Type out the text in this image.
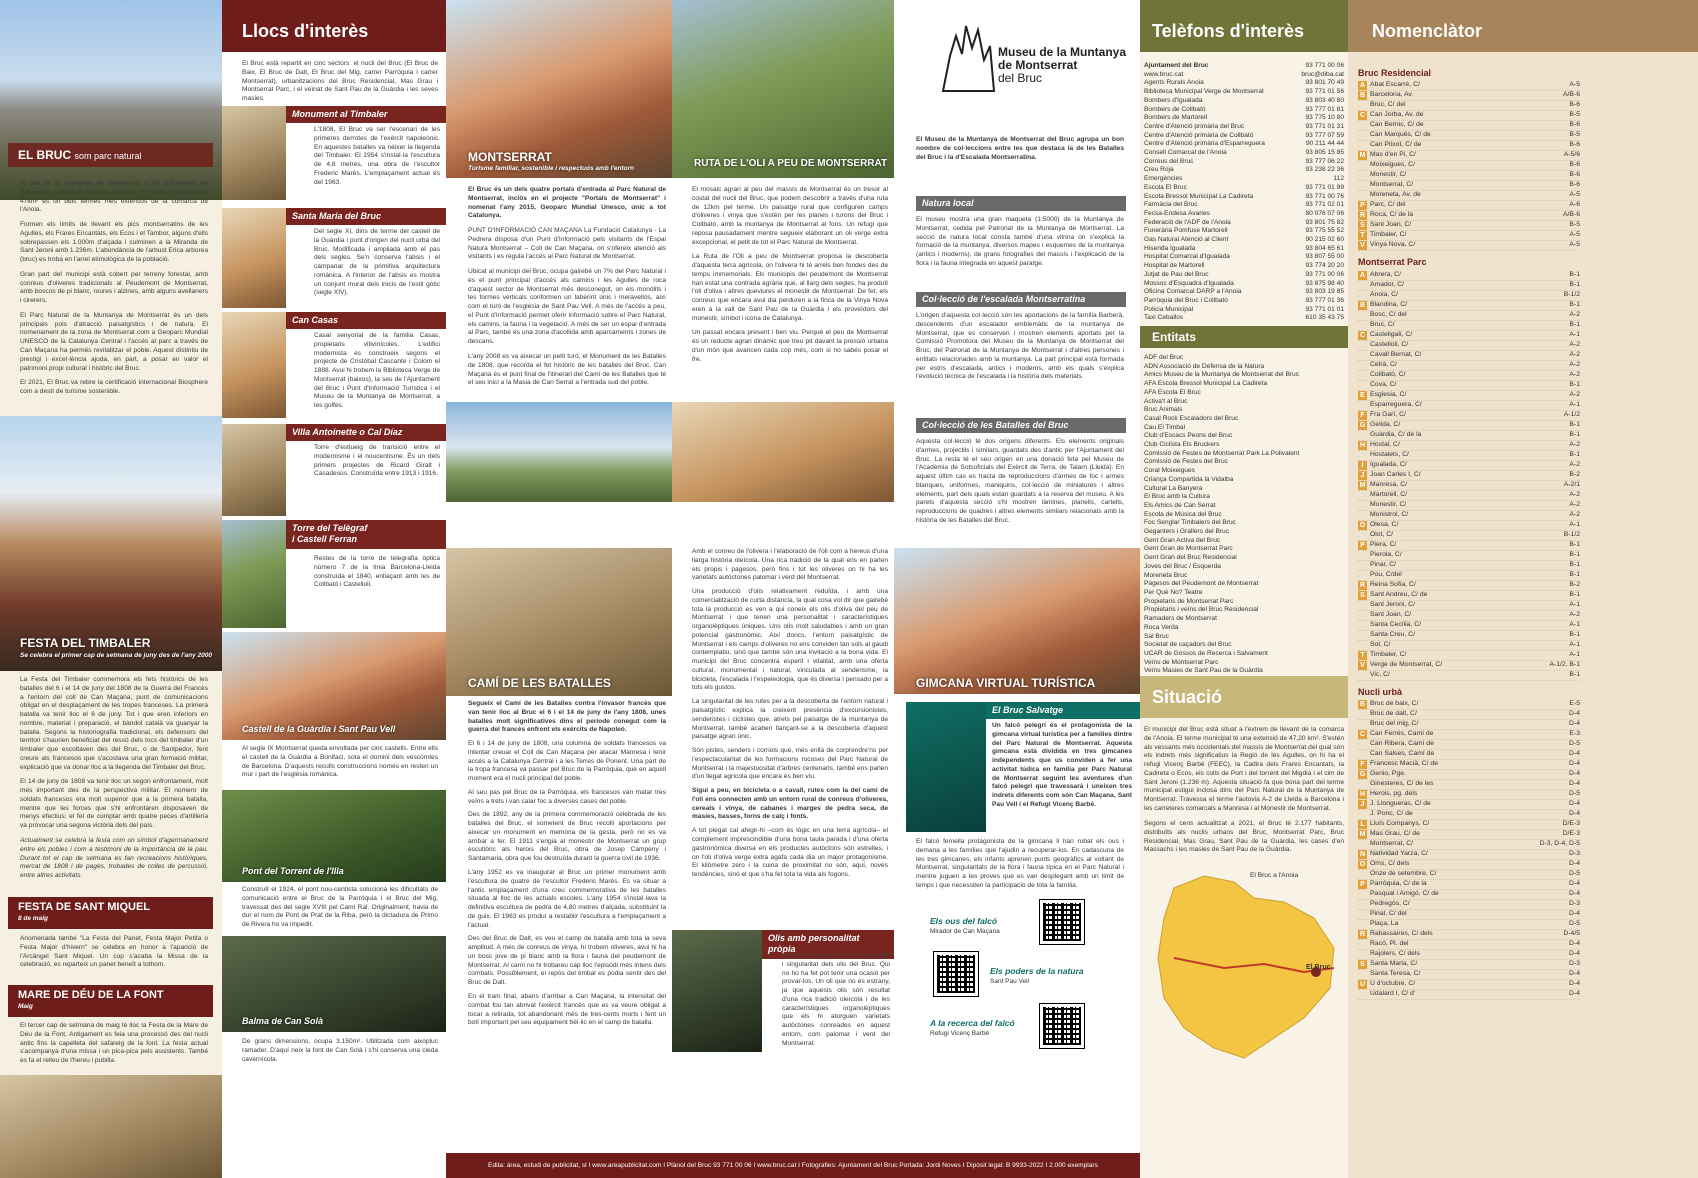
EL BRUC som parc natural

Al peu de la muntanya de Montserrat, a 40 quilòmetres de Barcelona, trobem el municipi del Bruc. El terme municipal de 47km² és un dels termes més extensos de la comarca de l'Anoia.

Formen els límits de llevant els pics montserratins de les Agulles, els Frares Encantats, els Ecos i el Tambor, alguns d'ells sobrepassen els 1.000m d'alçada i culminen a la Miranda de Sant Jeroni amb 1.236m. L'abundància de l'arbust Erica arborea (bruc) es troba en l'arrel etimològica de la població.

Gran part del municipi està cobert per terreny forestal, amb conreus d'oliveres tradicionals al Peudemont de Montserrat, amb boscos de pi blanc, roures i alzines, amb alguns avellaners i cirerers.

El Parc Natural de la Muntanya de Montserrat és un dels principals pols d'atracció paisatgístics i de natura. El nomenament de la zona de Montserrat com a Geoparc Mundial UNESCO de la Catalunya Central i l'accés al parc a través de Can Maçana ha permès revitalitzar el poble. Aquest distintiu de prestigi i excel·lència ajuda, en part, a posar en valor el patrimoni propi cultural i històric del Bruc.

El 2021, El Bruc va rebre la certificació internacional Biosphere com a destí de turisme sostenible.

FESTA DEL TIMBALER
Se celebra el primer cap de setmana de juny des de l'any 2000

La Festa del Timbaler commemora els fets històrics de les batalles del 6 i el 14 de juny del 1808 de la Guerra del Francès a l'entorn del coll de Can Maçana, punt de comunicacions obligat en el desplaçament de les tropes franceses. La primera batalla va tenir lloc el 6 de juny. Tot i que eren inferiors en nombre, material i preparació, el bàndol català va guanyar la batalla. Segons la historiografia tradicional, els defensors del territori s'haurien beneficiat del ressò dels tocs del timbaler d'un timbaler que escoltaven des del Bruc, o de Santpedor, fent creure als francesos que s'acostava una gran formació militar, explicació que va donar lloc a la llegenda del Timbaler del Bruc.

El 14 de juny de 1808 va tenir lloc un segon enfrontament, molt més important des de la perspectiva militar. El número de soldats francesos era molt superior que a la primera batalla, mentre que les forces que s'hi enfrontaren disposaven de menys efectius; el fet de comptar amb quatre peces d'artilleria va provocar una segona victòria dels del país.

Actualment se celebra la festa com un símbol d'agermanament entre els pobles i com a testimoni de la importància de la pau. Durant tot el cap de setmana es fan recreacions històriques, mercat de 1808 i de pagès, trobades de colles de percussió, entre altres activitats.

FESTA DE SANT MIQUEL
8 de maig
Anomenada també "La Festa del Panet, Festa Major Petita o Festa Major d'hivern" se celebra en honor a l'aparició de l'Arcàngel Sant Miquel. Un cop s'acaba la Missa de la celebració, es reparteix un panet beneït a tothom.
MARE DE DÉU DE LA FONT
Maig
El tercer cap de setmana de maig té lloc la Festa de la Mare de Déu de la Font. Antigament es feia una processó des del nucli antic fins la capelleta del safareig de la font. La festa actual s'acompanya d'una missa i un pica-pica pels assistents. També es fa el relleu de l'hereu i pubilla.
Llocs d'interès
El Bruc està repartit en cinc sectors: el nucli del Bruc (El Bruc de Baix, El Bruc de Dalt, El Bruc del Mig, carrer Parròquia i carrer Montserrat), urbanitzacions del Bruc Residencial, Mas Grau i Montserrat Parc, i el veïnat de Sant Pau de la Guàrdia i les seves masies.
Monument al Timbaler
L'1808, El Bruc va ser l'escenari de les primeres derrotes de l'exèrcit napoleònic. En aquestes batalles va néixer la llegenda del Timbaler. El 1954 s'instal·la l'escultura de 4,8 metres, una obra de l'escultor Frederic Marès. L'emplaçament actual és del 1963.
Santa Maria del Bruc
Del segle XI, dins de terme del castell de la Guàrdia i punt d'origen del nucli urbà del Bruc. Modificada i ampliada amb el pas dels segles. Se'n conserva l'absis i el campanar de la primitiva arquitectura romànica. A l'interior de l'absis es mostra un conjunt mural dels inicis de l'estil gòtic (segle XIV).
Can Casas
Casal senyorial de la família Casas, propietaris vitivinícoles. L'edifici modernista es construeix segons el projecte de Cristòbal Cascante i Colom el 1888. Avui hi trobem la Biblioteca Verge de Montserrat (baixos), la seu de l'Ajuntament del Bruc i Punt d'Informació Turística i el Museu de la Muntanya de Montserrat, a les golfes.
Villa Antoinette o Cal Díaz
Torre d'estiueig de transició entre el modernisme i el noucentisme. És un dels primers projectes de Ricard Giralt i Casadesús. Construïda entre 1913 i 1916.
Torre del Telègraf
i Castell Ferran
Restes de la torre de telegrafia òptica número 7 de la línia Barcelona-Lleida construïda el 1840, enllaçant amb les de Collbató i Castelloli.
Castell de la Guàrdia i Sant Pau Vell
Al segle IX Montserrat queda envoltada per cinc castells. Entre ells el castell de la Guàrdia a Bonifaci, sota el domini dels vescomtes de Barcelona. D'aquests reculls construccions només en resten un mur i part de l'església romànica.
Pont del Torrent de l'Illa
Construït el 1924, el pont nou-centista soluciona les dificultats de comunicació entre el Bruc de la Parròquia i el Bruc del Mig, travessat des del segle XVIII pel Camí Ral. Originalment, havia de dur el nom de Pont de Prat de la Riba, però la dictadura de Primo de Rivera ho va impedir.
Balma de Can Solà
De grans dimensions, ocupa 3.150m². Utilitzada com aixopluc ramader. D'aquí neix la font de Can Solà i s'hi conserva una cleda cavernícola.
MONTSERRAT
Turisme familiar, sostenible i respectuós amb l'entorn	RUTA DE L'OLI A PEU DE MONTSERRAT

El Bruc és un dels quatre portals d'entrada al Parc Natural de Montserrat, inclòs en el projecte "Portals de Montserrat" i nomenat l'any 2015, Geoparc Mundial Unesco, únic a tot Catalunya.

PUNT D'INFORMACIÓ CAN MAÇANA La Fundació Catalunya - La Pedrera disposa d'un Punt d'Informació pels visitants de l'Espai Natura Montserrat – Coll de Can Maçana, on s'ofereix atenció als visitants i es regula l'accés al Parc Natural de Montserrat.

Ubicat al municipi del Bruc, ocupa gairebé un 7% del Parc Natural i és el punt principal d'accés als camins i les Agulles de roca d'aquest sector de Montserrat més desconegut, on els monòlits i les formes verticals conformen un laberint únic i meravellós, així com el turó de l'església de Sant Pau Vell. A més de l'accés a peu, el Punt d'Informació permet oferir informació sobre el Parc Natural, els camins, la fauna i la vegetació. A més de ser un espai d'entrada al Parc, també és una zona d'acollida amb aparcaments i zones de descans.

L'any 2008 es va aixecar un petit turó, el Monument de les Batalles de 1808, que recorda el fet històric de les batalles del Bruc. Can Maçana és el punt final de l'itinerari del Camí de les Batalles que té el seu inici a la Masia de Can Serrat a l'entrada sud del poble.

El mosaic agrari al peu del massís de Montserrat és un tresor al costat del nucli del Bruc, que podem descobrir a través d'una ruta de 12km pel terme. Un paisatge rural que configuren camps d'oliveres i vinya que s'estén per les planes i turons del Bruc i Collbató, amb la muntanya de Montserrat al fons. Un refugi que reposa pausadament mentre segueix elaborant un oli verge extra excepcional, el petit de tot el Parc Natural de Montserrat.

La Ruta de l'Oli a peu de Montserrat proposa la descoberta d'aquesta terra agrícola, on l'olivera hi té arrels ben fondes des de temps immemorials. Els municipis del peudemont de Montserrat han estat una contrada agrària que, al llarg dels segles, ha produït l'oli d'oliva i altres queviures el monestir de Montserrat. De fet, els conreus que encara avui dia perduren a la finca de la Vinya Nova eren a la vall de Sant Pau de la Guàrdia i els proveïdors del monestir, símbol i icona de Catalunya.

Un passat encara present i ben viu. Perquè el peu de Montserrat és un reducte agrari dinàmic que treu pit davant la pressió urbana d'un món que avancen cada cop més, com si no sabés posar el fre.

CAMÍ DE LES BATALLES

Segueix el Camí de les Batalles contra l'invasor francès que van tenir lloc al Bruc el 6 i el 14 de juny de l'any 1808, unes batalles molt significatives dins el període conegut com la guerra del francès enfront els exèrcits de Napoleó.

El 6 i 14 de juny de 1808, una columna de soldats francesos va intentar creuar el Coll de Can Maçana per atacar Manresa i tenir accés a la Catalunya Central i a les Terres de Ponent. Una part de la tropa francesa va passar pel Bruc de la Parròquia, que en aquell moment era el nucli principal del poble.

Al seu pas pel Bruc de la Parròquia, els francesos van matar tres veïns a trets i van calar foc a diverses cases del poble.

Des de 1892, any de la primera commemoració celebrada de les batalles del Bruc, el sometent de Bruc recolli aportacions per aixecar un monument en memòria de la gesta, però no es va arribar a fer. El 1911 s'erigia al monestir de Montserrat un grup escultòric als herois del Bruc, obra de Josep Campeny i Santamaria, obra que fou destruïda durant la guerra civil de 1936.

L'any 1952 es va inaugurar al Bruc un primer monument amb l'escultura de quatre de l'escultor Frederic Marès. Es va situar a l'antic emplaçament d'una creu commemorativa de les batalles situada al lloc de les actuals escoles. L'any 1954 s'instal·lava la definitiva escultura de pedra de 4,80 metres d'alçada, substituint la de guix. El 1963 es produí a restablir l'escultura a l'emplaçament a l'actual.

Des del Bruc de Dalt, es veu el camp de batalla amb tota la seva amplitud. A més de conreus de vinya, hi trobem oliveres, avui hi ha un bosc jove de pi blanc amb la flora i fauna del peudemont de Montserrat. Al camí no hi trobareu cap lloc l'episodi més intens dels combats. Possiblement, el repòs del timbal es podia sentir des del Bruc de Dalt.

En el tram final, abans d'arribar a Can Maçana, la intensitat del combat fou tan abrivat l'exèrcit francès que es va veure obligat a tocar a retirada, tot abandonant més de tres-cents morts i fent un botí important pel seu equipament bèl·lic en el camp de batalla.

Amb el conreu de l'olivera i l'elaboració de l'oli com a hereus d'una llarga història oleícola. Una rica tradició de la qual ens en parlen els propis i pagesos, però fins i tot les oliveres on hi ha les varietats autòctones palomar i verd del Montserrat.

Una producció d'olis relativament reduïda, i amb una comercialització de curta distància, la qual cosa vol dir que gairebé tota la producció es ven a qui coneix els olis d'oliva del peu de Montserrat i que tenen una personalitat i característiques organolèptiques úniques. Uns olis molt saludables i amb un gran potencial gastronòmic. Així doncs, l'entorn paisatgístic de Montserrat i els camps d'oliveres no ens conviden tan sols al gaudi contemplatiu, sinó que també són una invitació a la bona vida. El municipi del Bruc concentra esperit i vitalitat, amb una oferta cultural, monumental i natural, vinculada al senderisme, la bicicleta, l'escalada i l'espeleologia, que és diversa i pensado per a tots els gustos.

La singularitat de les rutes per a la descoberta de l'entorn natural i paisatgístic explica la creixent presència d'excursionistes, senderistes i ciclistes que, atrets pel paisatge de la muntanya de Montserrat, també acaben llançant-se a la descoberta d'aquest paisatge agrari únic.

Són pistes, senders i corriols que, més enllà de corprendre'ns per l'espectacularitat de les formacions rocoses del Parc Natural de Montserrat i la majestuositat d'arbres centenaris, també ens parlen d'un llegat agrícola que encara és ben viu.

Sigui a peu, en bicicleta o a cavall, rutes com la del camí de l'oli ens connecten amb un entorn rural de conreus d'oliveres, cereals i vinya, de cabanes i marges de pedra seca, de masies, basses, forns de calç i fonts.

A tot plegat cal afegir-hi –com és lògic en una terra agrícola– el complement imprescindible d'una bona taula parada i d'una oferta gastronòmica diversa en els productes autòctons són estrelles, i on l'oli d'oliva verge extra agafa cada dia un major protagonisme. El kilòmetre zero i la cuina de proximitat no són, aquí, noves tendències, sinó el que s'ha fet tota la vida als fogons.

Olis amb personalitat pròpia
Qui els ha tastat ja coneix la qualitat i singularitat dels olis del Bruc. Qui no ho ha fet pot tenir una ocasió per provar-los. Un oli que no és estrany, ja que aquests olis són resultat d'una rica tradició oleícola i de les característiques organolèptiques que els hi atorguen varietats autòctones conreades en aquest entorn, com palomar i verd del Montserrat.
Museu de la Muntanya
de Montserrat
del Bruc
El Museu de la Muntanya de Montserrat del Bruc agrupa un bon nombre de col·leccions entre les que destaca la de les Batalles del Bruc i la d'Escalada Montserratina.
Natura local
El museu mostra una gran maqueta (1:5000) de la Muntanya de Montserrat, cedida pel Patronat de la Muntanya de Montserrat. La secció de natura local consta també d'una vitrina on s'explica la formació de la muntanya, diversos mapes i esquemes de la muntanya (antics i moderns), de grans fotografies del massís i l'explicació de la flora i la fauna integrada en aquest paratge.
Col·lecció de l'escalada Montserratina
L'origen d'aquesta col·lecció són les aportacions de la família Barberà, descendents d'un escalador emblemàtic de la muntanya de Montserrat, que es conserven i mostren elements aportats per la Comissió Promotora del Museu de la Muntanya de Montserrat del Bruc, del Patronat de la Muntanya de Montserrat i d'altres persones i entitats relacionades amb la muntanya. La part principal està formada per estris d'escalada, antics i moderns, amb els quals s'explica l'evolució tècnica de l'escalada i la història dels materials.
Col·lecció de les Batalles del Bruc
Aquesta col·lecció té dos orígens diferents. Els elements originals d'armes, projectils i similars, guardats des d'antic per l'Ajuntament del Bruc. La resta té el seu origen en una donació feta pel Museu de l'Acadèmia de Sotsoficials del Exèrcit de Terra, de Talarn (Lleida). En aquest últim cas es tracta de reproduccions d'armes de foc i armes blanques, uniformes, maniquins, col·lecció de miniatures i altres elements, part dels quals estan guardats a la reserva del museu. A les parets d'aquesta secció s'hi mostren làmines, planells, cartells, reproduccions de quadres i altres elements similars relacionats amb la història de les Batalles del Bruc.
GIMCANA VIRTUAL TURÍSTICA
El Bruc Salvatge
Un falcó pelegrí és el protagonista de la gimcana virtual turística per a famílies dintre del Parc Natural de Montserrat. Aquesta gimcana està dividida en tres gimcanes independents que us conviden a fer una activitat lúdica en família per Parc Natural de Montserrat seguint les aventures d'un falcó pelegrí que travessarà i uneixen tres indrets diferents com són Can Maçana, Sant Pau Vell i el Refugi Vicenç Barbé.
El falcó femella protagonista de la gimcana li han robat els ous i demana a les famílies que l'ajudin a recuperar-los. En cadascuna de les tres gimcanes, els infants aprenen punts geogràfics al voltant de Montserrat, singularitats de la flora i fauna típica en el Parc Natural i mentre juguen a les proves que es van desplegant amb un límit de temps i que necessiten la participació de tota la família.
Els ous del falcó
Mirador de Can Maçana
Els poders de la natura
Sant Pau Vell
A la recerca del falcó
Refugi Vicenç Barbé
Edita: àrea, estudi de publicitat, sl I www.areapublicitat.com I Plànol del Bruc 93 771 00 06 I www.bruc.cat I Fotografies: Ajuntament del Bruc Portada: Jordi Noves I Dipòsit legal: B 9933-2022 I 2.000 exemplars
Telèfons d'interès
Ajuntament del Bruc	93 771 00 06
www.bruc.cat	bruc@diba.cat
Agents Rurals Anoia	93 801 70 49
Biblioteca Municipal Verge de Montserrat	93 771 01 56
Bombers d'Igualada	93 803 40 80
Bombers de Collbató	93 777 01 81
Bombers de Martorell	93 775 10 80
Centre d'Atenció primària del Bruc	93 771 01 31
Centre d'Atenció primària de Collbató	93 777 07 59
Centre d'Atenció primària d'Esparreguera	90 211 44 44
Consell Comarcal de l'Anoia	93 805 15 85
Correus del Bruc	93 777 06 22
Creu Roja	93 238 22 36
Emergències	112
Escola El Bruc	93 771 01 89
Escola Bressol Municipal La Cadireta	93 771 00 76
Farmàcia del Bruc	93 771 02 01
Fecsa-Endesa Avaries	80 076 07 06
Federació de l'ADF de l'Anoia	93 801 75 82
Funerària Pomfuse Martorell	93 775 55 52
Gas Natural Atenció al Client	90 215 02 60
Hisenda Igualada	93 804 65 61
Hospital Comarcal d'Igualada	93 807 55 00
Hospital de Martorell	93 774 20 20
Jutjat de Pau del Bruc	93 771 00 06
Mossos d'Esquadra d'Igualada	93 875 98 40
Oficina Comarcal DARP a l'Anoia	93 803 19 85
Parròquia del Bruc i Collbató	93 777 01 36
Policia Municipal	93 771 01 01
Taxi Ceballos	610 35 43 75
Entitats
ADF del Bruc
ADN Associació de Defensa de la Natura
Amics Museu de la Muntanya de Montserrat del Bruc
AFA Escola Bressol Municipal La Cadireta
AFA Escola El Bruc
Activa't al Bruc
Bruc Animals
Casal Rock Escaladors del Bruc
Cau El Timbal
Club d'Escacs Peons del Bruc
Club Ciclista Els Bruckers
Comissió de Festes de Montserrat Park La Polivalent
Comissió de Festes del Bruc
Coral Moixeigues
Criança Compartida la Vidalba
Cultural La Banyera
El Bruc amb la Cultura
Els Amics de Can Serrat
Escola de Música del Bruc
Foc Senglar Timbalers del Bruc
Geganters i Grallers del Bruc
Gent Gran Activa del Bruc
Gent Gran de Montserrat Parc
Gent Gran del Bruc Residencial
Joves del Bruc / Esquerda
Moreneta Bruc
Pagesos del Peudemont de Montserrat
Per Què No? Teatre
Propietaris de Montserrat Parc
Propietaris i veïns del Bruc Residencial
Ramaders de Montserrat
Roca Verda
Sal Bruc
Societat de caçadors del Bruc
UCAR de Gossos de Recerca i Salvament
Veïns de Montserrat Parc
Veïns Masies de Sant Pau de la Guàrdia
Situació
El municipi del Bruc està situat a l'extrem de llevant de la comarca de l'Anoia. El terme municipal té una extensió de 47,20 km². S'estén als vessants més occidentals del massís de Montserrat del qual són els indrets més significatius la Regió de les Agulles, on hi ha el refugi Vicenç Barbé (FEEC), la Cadira dels Frares Encantats, la Cadireta o Ecos, els colls de Port i del torrent del Migdia i el cim de Sant Jeroni (1.236 m). Aquesta situació fa que bona part del terme municipal estigui inclosa dins del Parc Natural de la Muntanya de Montserrat. Travessa el terme l'autovia A-2 de Lleida a Barcelona i les carreteres comarcals a Manresa i al Monestir de Montserrat.
Segons el cens actualitzat a 2021, el Bruc té 2.177 habitants, distribuïts als nuclis urbans del Bruc, Montserrat Parc, Bruc Residencial, Mas Grau, Sant Pau de la Guàrdia, les cases d'en Massachs i les masies de Sant Pau de la Guàrdia.
El Bruc a l'Anoia
El Bruc
Nomenclàtor
Bruc Residencial
A Abat Escarré, C/	A-5
B Barcelona, Av.	A/B-6
Bruc, C/ del	B-6
C Can Jorba, Av. de	B-5
Can Bernic, C/ de	B-6
Can Marquès, C/ de	B-5
Can Pitxot, C/ de	B-6
M Mas d'en Pi, C/	A-5/6
Moixeigues, C/	B-6
Monestir, C/	B-6
Montserrat, C/	B-6
Moreneta, Av. de	A-5
P Parc, C/ del	A-6
R Roca, C/ de la	A/B-6
S Sant Joan, C/	B-5
T Timbaler, C/	A-5
V Vinya Nova, C/	A-5
Montserrat Parc
A Abrera, C/	B-1
Amador, C/	B-1
Anoia, C/	B-1/2
B Blandina, C/	B-1
Bosc, C/ del	A-2
Bruc, C/	B-1
C Castellgalí, C/	A-1
Castelloli, C/	A-2
Cavall Bernat, C/	A-2
Celrà, C/	A-2
Collbató, C/	A-2
Cova, C/	B-1
E Esglesia, C/	A-2
Esparreguera, C/	A-1
F Fra Garí, C/	A-1/2
G Gelida, C/	B-1
Guàrdia, C/ de la	B-1
H Hostal, C/	A-2
Hostalets, C/	B-1
I Igualada, C/	A-2
J Joan Carles I, C/	B-2
M Manresa, C/	A-2/1
Martorell, C/	A-2
Monestir, C/	A-2
Monistrol, C/	A-2
O Olesa, C/	A-1
Olot, C/	B-1/2
P Piera, C/	B-1
Pierola, C/	B-1
Pinar, C/	B-1
Pou, C/del	B-1
R Reina Sofia, C/	B-2
S Sant Andreu, C/ de	B-1
Sant Jeroni, C/	A-1
Sant Joan, C/	A-2
Santa Cecília, C/	A-1
Santa Creu, C/	B-1
Sol, C/	A-1
T Timbaler, C/	A-1
V Verge de Montserrat, C/	A-1/2, B-1
Vic, C/	B-1
Nucli urbà
B Bruc de baix, C/	E-5
Bruc de dalt, C/	D-4
Bruc del mig, C/	D-4
C Can Ferrés, Camí de	E-3
Can Ribera, Camí de	D-5
Can Salses, Camí de	D-4
F Francesc Macià, C/ de	D-4
G Genio, Pge.	D-4
Ginesteres, C/ de les	D-4
H Herois, pg. dels	D-5
J J. Llongueras, C/ de	D-4
J. Ponc, C/ de	D-4
L Lluís Companys, C/	D/E-3
M Mas Grau, C/ de	D/E-3
Montserrat, C/	D-3, D-4, D-5
N Natividad Yarza, C/	D-3
O Oms, C/ dels	D-4
Onze de setembre, C/	D-5
P Parròquia, C/ de la	D-4
Pasqual i Amigó, C/ de	D-4
Pedregós, C/	D-3
Pinal, C/ del	D-4
Plaça, La	D-5
R Rabassaires, C/ dels	D-4/5
Racó, Pl. del	D-4
Rajolers, C/ dels	D-4
S Santa Maria, C/	D-3
Santa Teresa, C/	D-4
U U d'octubre, C/	D-4
Udalard I, C/ d'	D-4
